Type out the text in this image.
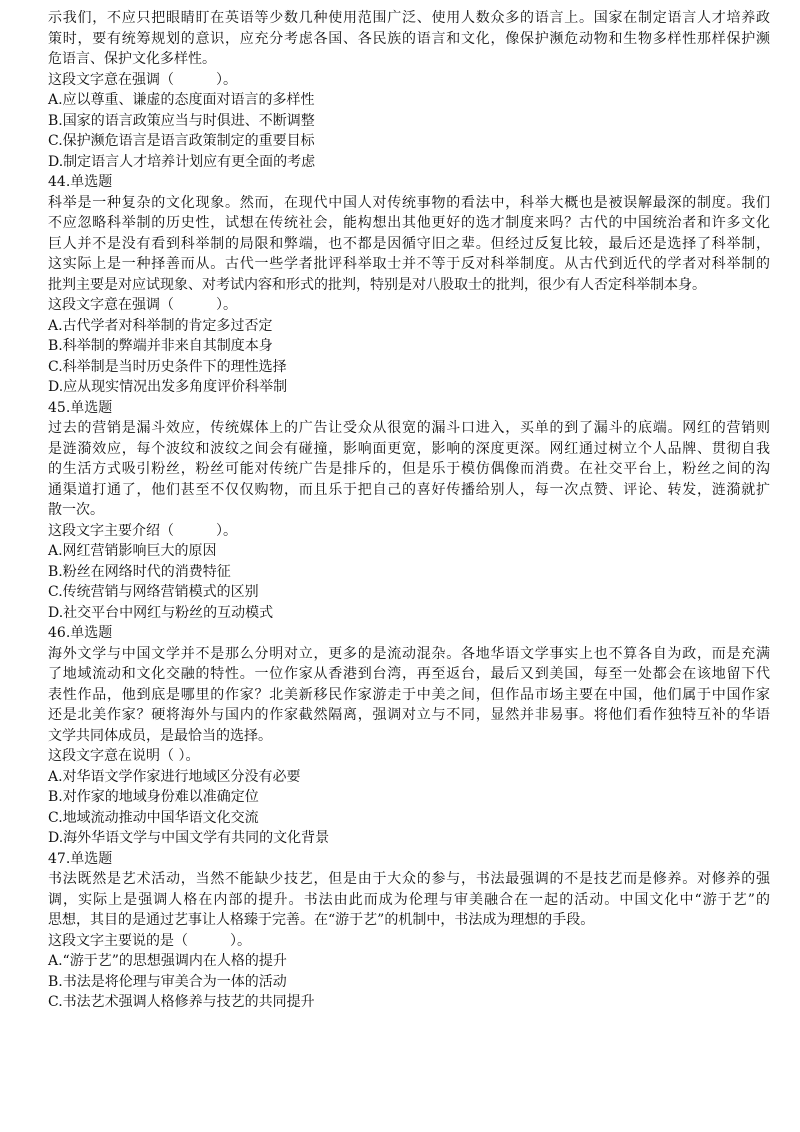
示我们，不应只把眼睛盯在英语等少数几种使用范围广泛、使用人数众多的语言上。国家在制定语言人才培养政

策时，要有统筹规划的意识，应充分考虑各国、各民族的语言和文化，像保护濒危动物和生物多样性那样保护濒

危语言、保护文化多样性。

这段文字意在强调（　　　）。

A.应以尊重、谦虚的态度面对语言的多样性

B.国家的语言政策应当与时俱进、不断调整

C.保护濒危语言是语言政策制定的重要目标

D.制定语言人才培养计划应有更全面的考虑

44.单选题

科举是一种复杂的文化现象。然而，在现代中国人对传统事物的看法中，科举大概也是被误解最深的制度。我们

不应忽略科举制的历史性，试想在传统社会，能构想出其他更好的选才制度来吗？古代的中国统治者和许多文化

巨人并不是没有看到科举制的局限和弊端，也不都是因循守旧之辈。但经过反复比较，最后还是选择了科举制，

这实际上是一种择善而从。古代一些学者批评科举取士并不等于反对科举制度。从古代到近代的学者对科举制的

批判主要是对应试现象、对考试内容和形式的批判，特别是对八股取士的批判，很少有人否定科举制本身。

这段文字意在强调（　　　）。

A.古代学者对科举制的肯定多过否定

B.科举制的弊端并非来自其制度本身

C.科举制是当时历史条件下的理性选择

D.应从现实情况出发多角度评价科举制

45.单选题

过去的营销是漏斗效应，传统媒体上的广告让受众从很宽的漏斗口进入，买单的到了漏斗的底端。网红的营销则

是涟漪效应，每个波纹和波纹之间会有碰撞，影响面更宽，影响的深度更深。网红通过树立个人品牌、贯彻自我

的生活方式吸引粉丝，粉丝可能对传统广告是排斥的，但是乐于模仿偶像而消费。在社交平台上，粉丝之间的沟

通渠道打通了，他们甚至不仅仅购物，而且乐于把自己的喜好传播给别人，每一次点赞、评论、转发，涟漪就扩

散一次。

这段文字主要介绍（　　　）。

A.网红营销影响巨大的原因

B.粉丝在网络时代的消费特征

C.传统营销与网络营销模式的区别

D.社交平台中网红与粉丝的互动模式

46.单选题

海外文学与中国文学并不是那么分明对立，更多的是流动混杂。各地华语文学事实上也不算各自为政，而是充满

了地域流动和文化交融的特性。一位作家从香港到台湾，再至返台，最后又到美国，每至一处都会在该地留下代

表性作品，他到底是哪里的作家？北美新移民作家游走于中美之间，但作品市场主要在中国，他们属于中国作家

还是北美作家？硬将海外与国内的作家截然隔离，强调对立与不同，显然并非易事。将他们看作独特互补的华语

文学共同体成员，是最恰当的选择。

这段文字意在说明（ ）。

A.对华语文学作家进行地域区分没有必要

B.对作家的地域身份难以准确定位

C.地域流动推动中国华语文化交流

D.海外华语文学与中国文学有共同的文化背景

47.单选题

书法既然是艺术活动，当然不能缺少技艺，但是由于大众的参与，书法最强调的不是技艺而是修养。对修养的强

调，实际上是强调人格在内部的提升。书法由此而成为伦理与审美融合在一起的活动。中国文化中“游于艺”的

思想，其目的是通过艺事让人格臻于完善。在“游于艺”的机制中，书法成为理想的手段。

这段文字主要说的是（　　　）。

A.“游于艺”的思想强调内在人格的提升

B.书法是将伦理与审美合为一体的活动

C.书法艺术强调人格修养与技艺的共同提升
